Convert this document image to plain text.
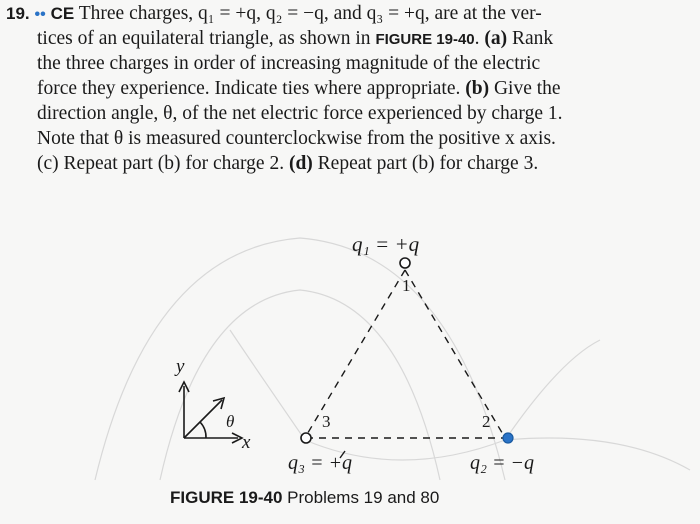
19. •• CE Three charges, q₁ = +q, q₂ = −q, and q₃ = +q, are at the ver-
tices of an equilateral triangle, as shown in FIGURE 19-40. (a) Rank
the three charges in order of increasing magnitude of the electric
force they experience. Indicate ties where appropriate. (b) Give the
direction angle, θ, of the net electric force experienced by charge 1.
Note that θ is measured counterclockwise from the positive x axis.
(c) Repeat part (b) for charge 2. (d) Repeat part (b) for charge 3.
q₁ = +q
1
3	2
q₃ = +q	q₂ = −q
y
x
θ
FIGURE 19-40 Problems 19 and 80
